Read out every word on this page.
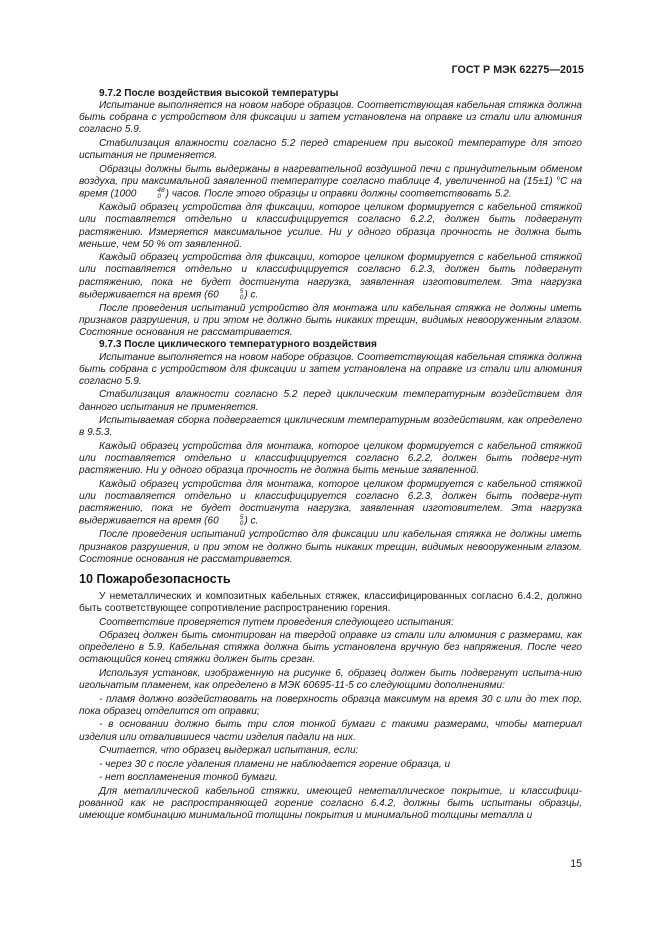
ГОСТ Р МЭК 62275—2015

9.7.2 После воздействия высокой температуры

Испытание выполняется на новом наборе образцов. Соответствующая кабельная стяжка должна быть собрана с устройством для фиксации и затем установлена на оправке из стали или алюминия согласно 5.9.

Стабилизация влажности согласно 5.2 перед старением при высокой температуре для этого испытания не применяется.

Образцы должны быть выдержаны в нагревательной воздушной печи с принудительным обменом воздуха, при максимальной заявленной температуре согласно таблице 4, увеличенной на (15±1) °С на время (1000	48
0 ) часов. После этого образцы и оправки должны соответствовать 5.2.

Каждый образец устройства для фиксации, которое целиком формируется с кабельной стяжкой или поставляется отдельно и классифицируется согласно 6.2.2, должен быть подвергнут растяжению. Измеряется максимальное усилие. Ни у одного образца прочность не должна быть меньше, чем 50 % от заявленной.

Каждый образец устройства для фиксации, которое целиком формируется с кабельной стяжкой или поставляется отдельно и классифицируется согласно 6.2.3, должен быть подвергнут растяжению, пока не будет достигнута нагрузка, заявленная изготовителем. Эта нагрузка выдерживается на время (60	5
0 ) с.

После проведения испытаний устройство для монтажа или кабельная стяжка не должны иметь признаков разрушения, и при этом не должно быть никаких трещин, видимых невооруженным глазом. Состояние основания не рассматривается.

9.7.3 После циклического температурного воздействия

Испытание выполняется на новом наборе образцов. Соответствующая кабельная стяжка должна быть собрана с устройством для фиксации и затем установлена на оправке из стали или алюминия согласно 5.9.

Стабилизация влажности согласно 5.2 перед циклическим температурным воздействием для данного испытания не применяется.

Испытываемая сборка подвергается циклическим температурным воздействиям, как определено в 9.5.3.

Каждый образец устройства для монтажа, которое целиком формируется с кабельной стяжкой или поставляется отдельно и классифицируется согласно 6.2.2, должен быть подверг-нут растяжению. Ни у одного образца прочность не должна быть меньше заявленной.

Каждый образец устройства для монтажа, которое целиком формируется с кабельной стяжкой или поставляется отдельно и классифицируется согласно 6.2.3, должен быть подверг-нут растяжению, пока не будет достигнута нагрузка, заявленная изготовителем. Эта нагрузка выдерживается на время (60	5
0 ) с.

После проведения испытаний устройство для фиксации или кабельная стяжка не должны иметь признаков разрушения, и при этом не должно быть никаких трещин, видимых невооруженным глазом. Состояние основания не рассматривается.

10 Пожаробезопасность

У неметаллических и композитных кабельных стяжек, классифицированных согласно 6.4.2, должно быть соответствующее сопротивление распространению горения.

Соответствие проверяется путем проведения следующего испытания:

Образец должен быть смонтирован на твердой оправке из стали или алюминия с размерами, как определено в 5.9. Кабельная стяжка должна быть установлена вручную без напряжения. После чего остающийся конец стяжки должен быть срезан.

Используя установк, изображенную на рисунке 6, образец должен быть подвергнут испыта-нию игольчатым пламенем, как определено в МЭК 60695-11-5 со следующими дополнениями:

- пламя должно воздействовать на поверхность образца максимум на время 30 с или до тех пор, пока образец отделится от оправки;

- в основании должно быть три слоя тонкой бумаги с такими размерами, чтобы материал изделия или отвалившиеся части изделия падали на них.

Считается, что образец выдержал испытания, если:

- через 30 с после удаления пламени не наблюдается горение образца, и

- нет воспламенения тонкой бумаги.

Для металлической кабельной стяжки, имеющей неметаллическое покрытие, и классифици-рованной как не распространяющей горение согласно 6.4.2, должны быть испытаны образцы, имеющие комбинацию минимальной толщины покрытия и минимальной толщины металла и

15
